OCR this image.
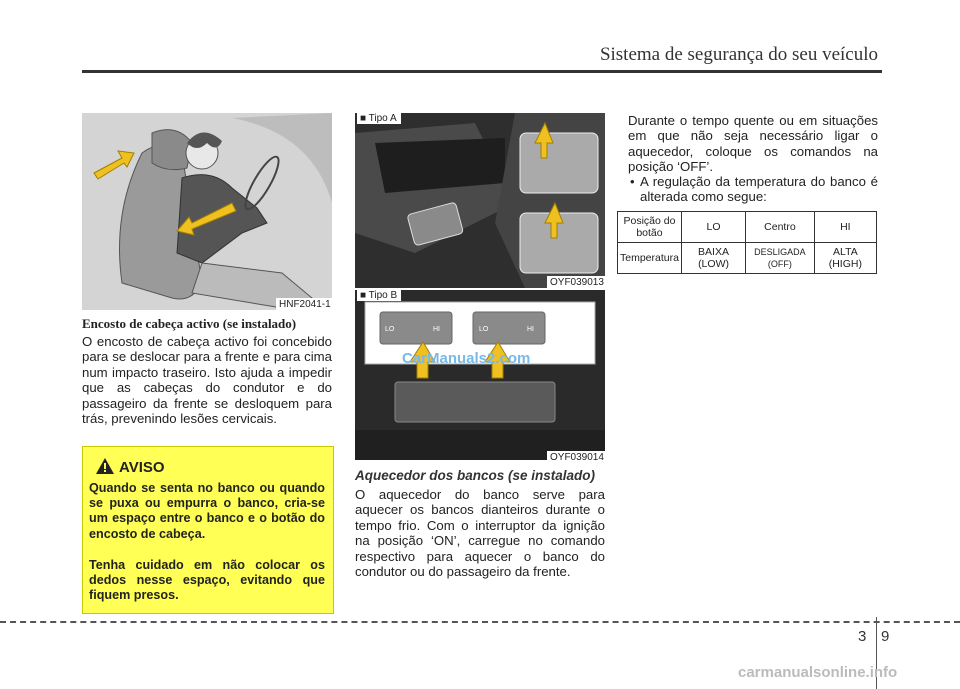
Sistema de segurança do seu veículo
HNF2041-1
Encosto de cabeça activo (se instalado)
O encosto de cabeça activo foi concebido para se deslocar para a frente e para cima num impacto traseiro. Isto ajuda a impedir que as cabeças do condutor e do passageiro da frente se desloquem para trás, prevenindo lesões cervicais.
AVISO
Quando se senta no banco ou quando se puxa ou empurra o banco, cria-se um espaço entre o banco e o botão do encosto de cabeça.
Tenha cuidado em não colocar os dedos nesse espaço, evitando que fiquem presos.
■ Tipo A
OYF039013
LO	HI	LO	HI
■ Tipo B
OYF039014
CarManuals2.com
Aquecedor dos bancos (se instalado)
O aquecedor do banco serve para aquecer os bancos dianteiros durante o tempo frio. Com o interruptor da ignição na posição ‘ON’, carregue no comando respectivo para aquecer o banco do condutor ou do passageiro da frente.
Durante o tempo quente ou em situações em que não seja necessário ligar o aquecedor, coloque os comandos na posição ‘OFF’.
• A regulação da temperatura do banco é alterada como segue:
Posição do botão	LO	Centro	HI
Temperatura	BAIXA (LOW)	DESLIGADA (OFF)	ALTA (HIGH)
3 9
carmanualsonline.info
